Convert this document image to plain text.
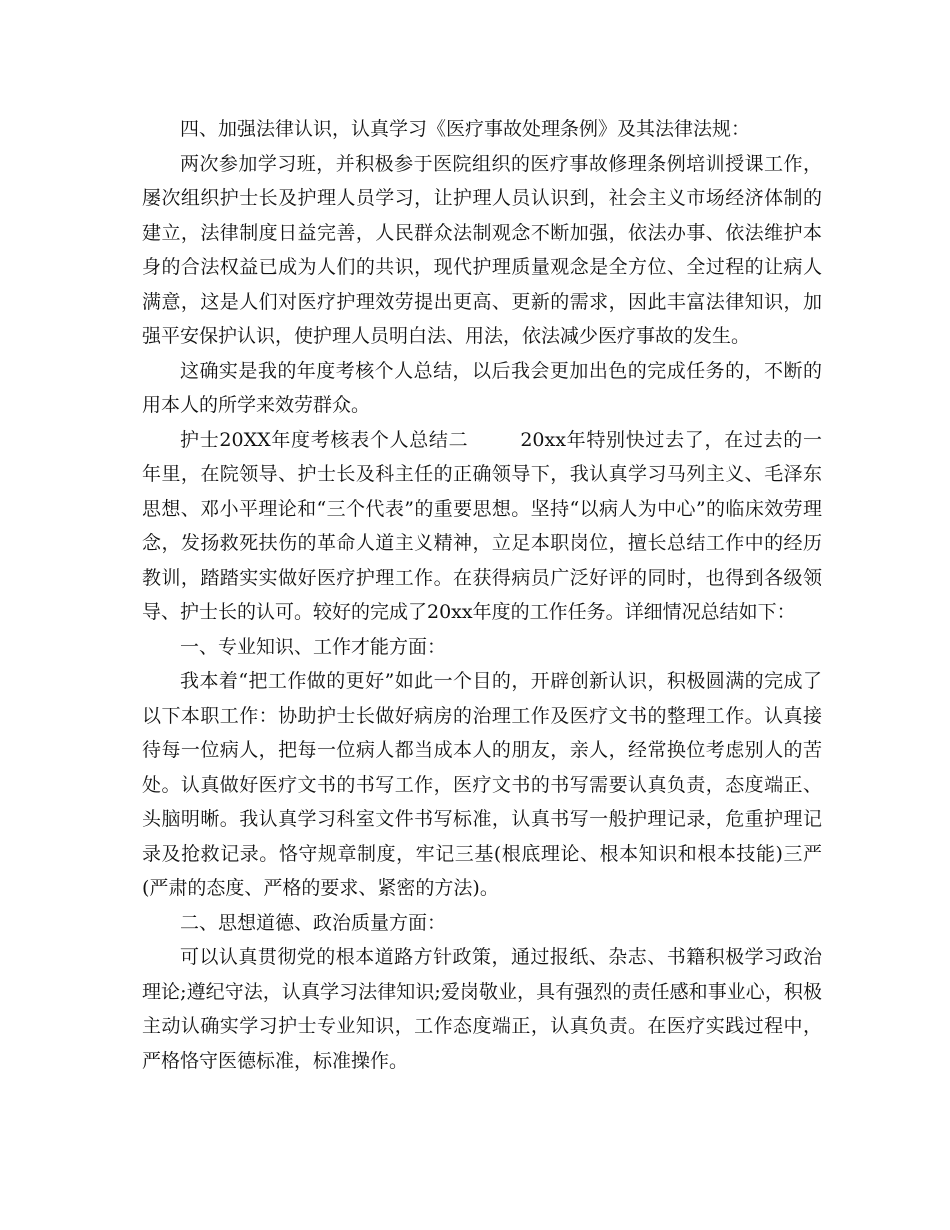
四、加强法律认识，认真学习《医疗事故处理条例》及其法律法规：

两次参加学习班，并积极参于医院组织的医疗事故修理条例培训授课工作，屡次组织护士长及护理人员学习，让护理人员认识到，社会主义市场经济体制的建立，法律制度日益完善，人民群众法制观念不断加强，依法办事、依法维护本身的合法权益已成为人们的共识，现代护理质量观念是全方位、全过程的让病人满意，这是人们对医疗护理效劳提出更高、更新的需求，因此丰富法律知识，加强平安保护认识，使护理人员明白法、用法，依法减少医疗事故的发生。

这确实是我的年度考核个人总结，以后我会更加出色的完成任务的，不断的用本人的所学来效劳群众。

护士20XX年度考核表个人总结二	20xx年特别快过去了，在过去的一年里，在院领导、护士长及科主任的正确领导下，我认真学习马列主义、毛泽东思想、邓小平理论和“三个代表”的重要思想。坚持“以病人为中心”的临床效劳理念，发扬救死扶伤的革命人道主义精神，立足本职岗位，擅长总结工作中的经历教训，踏踏实实做好医疗护理工作。在获得病员广泛好评的同时，也得到各级领导、护士长的认可。较好的完成了20xx年度的工作任务。详细情况总结如下：

一、专业知识、工作才能方面：

我本着“把工作做的更好”如此一个目的，开辟创新认识，积极圆满的完成了以下本职工作：协助护士长做好病房的治理工作及医疗文书的整理工作。认真接待每一位病人，把每一位病人都当成本人的朋友，亲人，经常换位考虑别人的苦处。认真做好医疗文书的书写工作，医疗文书的书写需要认真负责，态度端正、头脑明晰。我认真学习科室文件书写标准，认真书写一般护理记录，危重护理记录及抢救记录。恪守规章制度，牢记三基(根底理论、根本知识和根本技能)三严(严肃的态度、严格的要求、紧密的方法)。

二、思想道德、政治质量方面：

可以认真贯彻党的根本道路方针政策，通过报纸、杂志、书籍积极学习政治理论;遵纪守法，认真学习法律知识;爱岗敬业，具有强烈的责任感和事业心，积极主动认确实学习护士专业知识，工作态度端正，认真负责。在医疗实践过程中，严格恪守医德标准，标准操作。
